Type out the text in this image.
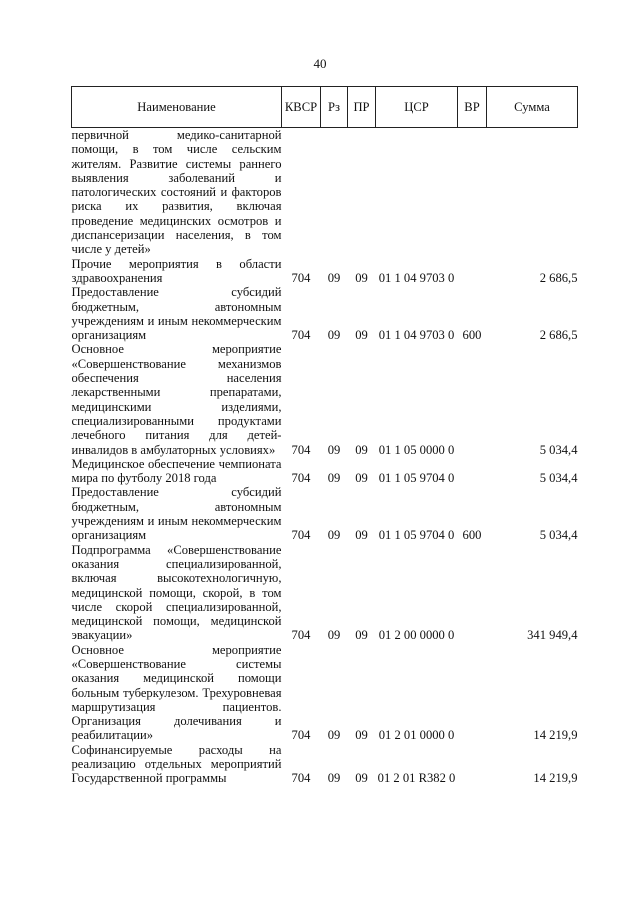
40
Наименование	КВСР	Рз	ПР	ЦСР	ВР	Сумма
первичной медико-санитарной помощи, в том числе сельским жителям. Развитие системы раннего выявления заболеваний и патологических состояний и факторов риска их развития, включая проведение медицинских осмотров и диспансеризации населения, в том числе у детей»						
Прочие мероприятия в области здравоохранения	704	09	09	01 1 04 9703 0		2 686,5
Предоставление субсидий бюджетным, автономным учреждениям и иным некоммерческим организациям	704	09	09	01 1 04 9703 0	600	2 686,5
Основное мероприятие «Совершенствование механизмов обеспечения населения лекарственными препаратами, медицинскими изделиями, специализированными продуктами лечебного питания для детей-инвалидов в амбулаторных условиях»	704	09	09	01 1 05 0000 0		5 034,4
Медицинское обеспечение чемпионата мира по футболу 2018 года	704	09	09	01 1 05 9704 0		5 034,4
Предоставление субсидий бюджетным, автономным учреждениям и иным некоммерческим организациям	704	09	09	01 1 05 9704 0	600	5 034,4
Подпрограмма «Совершенствование оказания специализированной, включая высокотехнологичную, медицинской помощи, скорой, в том числе скорой специализированной, медицинской помощи, медицинской эвакуации»	704	09	09	01 2 00 0000 0		341 949,4
Основное мероприятие «Совершенствование системы оказания медицинской помощи больным туберкулезом. Трехуровневая маршрутизация пациентов. Организация долечивания и реабилитации»	704	09	09	01 2 01 0000 0		14 219,9
Софинансируемые расходы на реализацию отдельных мероприятий Государственной программы	704	09	09	01 2 01 R382 0		14 219,9
